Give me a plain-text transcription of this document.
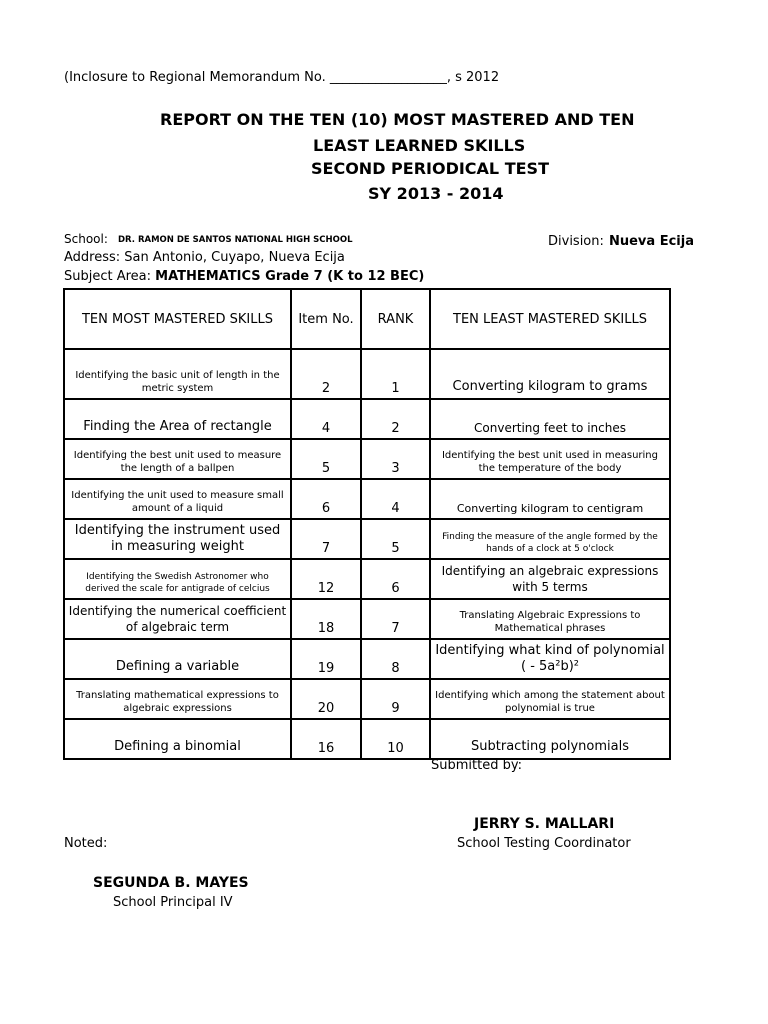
(Inclosure to Regional Memorandum No. __________________, s 2012
REPORT ON THE TEN (10) MOST MASTERED AND TEN
LEAST LEARNED SKILLS
SECOND PERIODICAL TEST
SY 2013 - 2014
School: DR. RAMON DE SANTOS NATIONAL HIGH SCHOOL	Division: Nueva Ecija
Address: San Antonio, Cuyapo, Nueva Ecija
Subject Area: MATHEMATICS Grade 7 (K to 12 BEC)
TEN MOST MASTERED SKILLS	Item No.	RANK	TEN LEAST MASTERED SKILLS
Identifying the basic unit of length in the metric system	2	1	Converting kilogram to grams
Finding the Area of rectangle	4	2	Converting feet to inches
Identifying the best unit used to measure the length of a ballpen	5	3	Identifying the best unit used in measuring the temperature of the body
Identifying the unit used to measure small amount of a liquid	6	4	Converting kilogram to centigram
Identifying the instrument used in measuring weight	7	5	Finding the measure of the angle formed by the hands of a clock at 5 o'clock
Identifying the Swedish Astronomer who derived the scale for antigrade of celcius	12	6	Identifying an algebraic expressions with 5 terms
Identifying the numerical coefficient of algebraic term	18	7	Translating Algebraic Expressions to Mathematical phrases
Defining a variable	19	8	Identifying what kind of polynomial ( - 5a²b)²
Translating mathematical expressions to algebraic expressions	20	9	Identifying which among the statement about polynomial is true
Defining a binomial	16	10	Subtracting polynomials
Submitted by:
JERRY S. MALLARI
School Testing Coordinator
Noted:
SEGUNDA B. MAYES
School Principal IV
